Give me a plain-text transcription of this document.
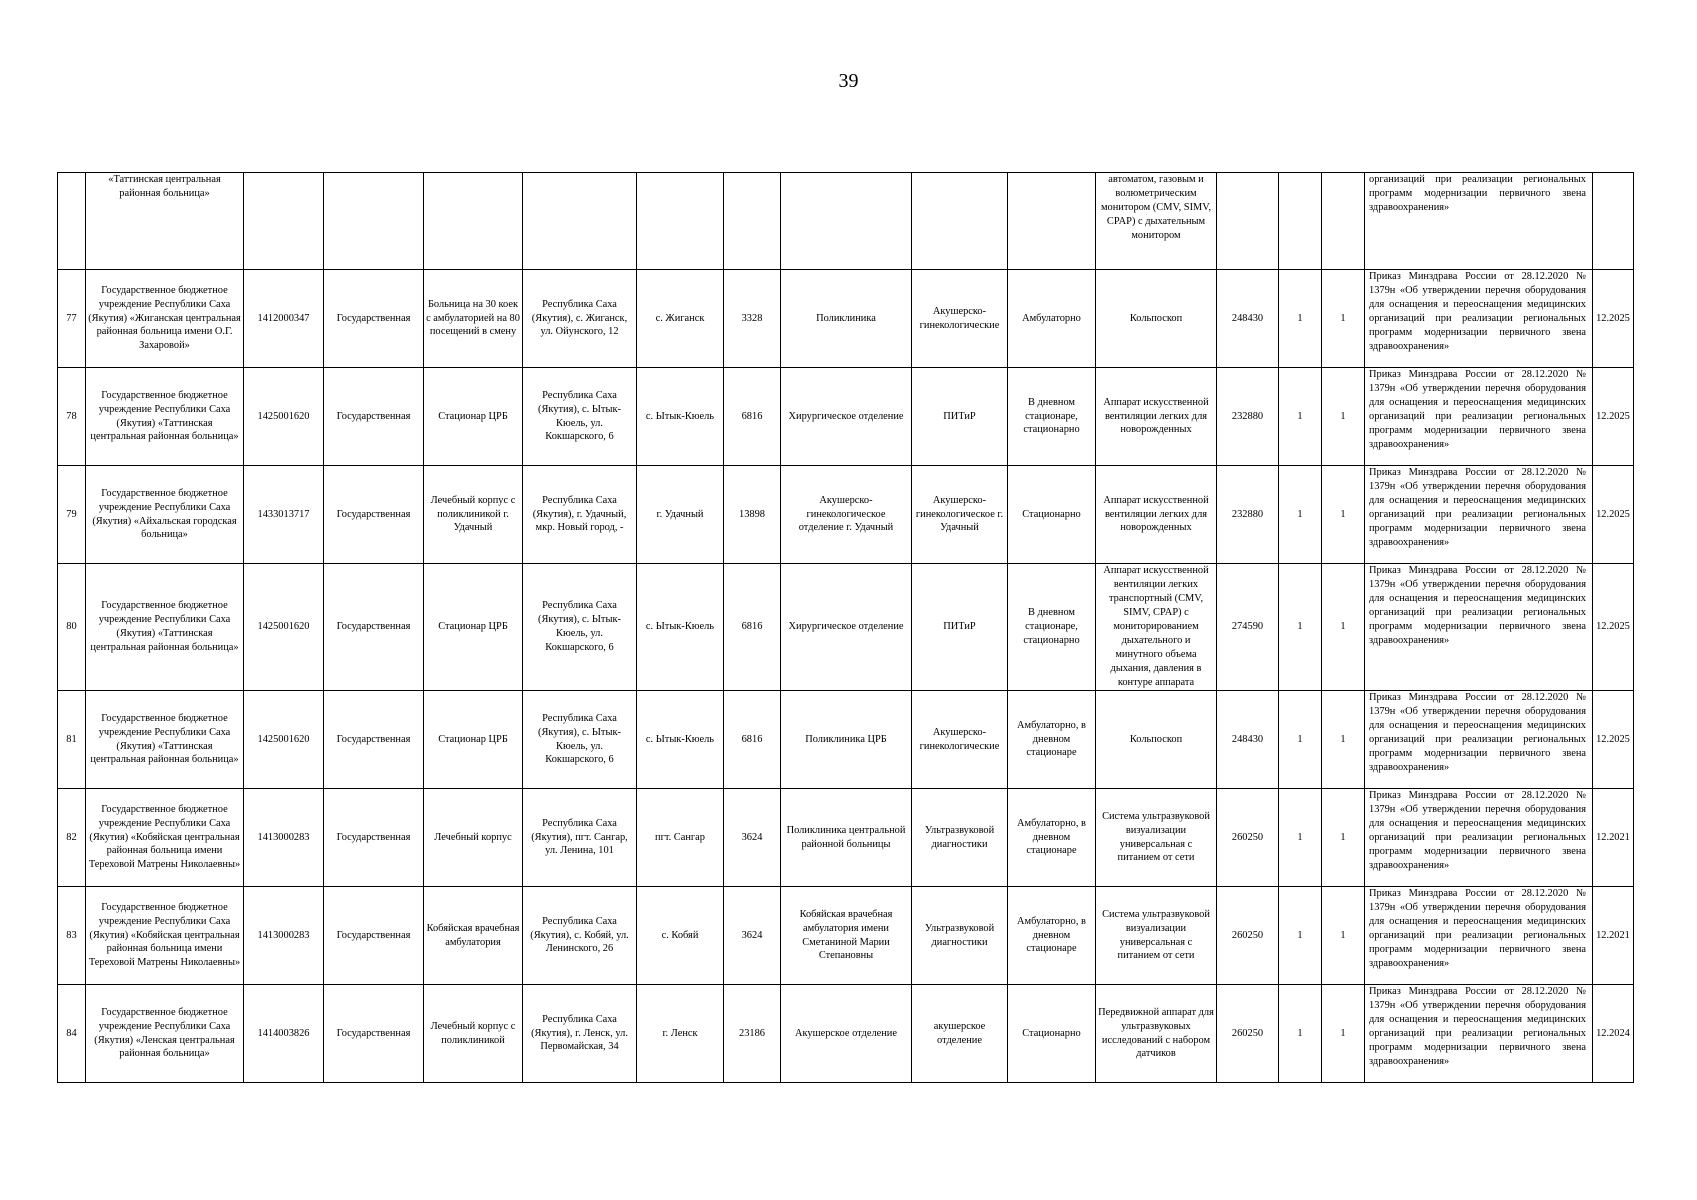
39
	«Таттинская центральная районная больница»										автоматом, газовым и волюметрическим монитором (CMV, SIMV, CPAP) с дыхательным монитором				организаций при реализации региональных программ модернизации первичного звена здравоохранения»	
77	Государственное бюджетное учреждение Республики Саха (Якутия) «Жиганская центральная районная больница имени О.Г. Захаровой»	1412000347	Государственная	Больница на 30 коек с амбулаторией на 80 посещений в смену	Республика Саха (Якутия), с. Жиганск, ул. Ойунского, 12	с. Жиганск	3328	Поликлиника	Акушерско-гинекологические	Амбулаторно	Кольпоскоп	248430	1	1	Приказ Минздрава России от 28.12.2020 № 1379н «Об утверждении перечня оборудования для оснащения и переоснащения медицинских организаций при реализации региональных программ модернизации первичного звена здравоохранения»	12.2025
78	Государственное бюджетное учреждение Республики Саха (Якутия) «Таттинская центральная районная больница»	1425001620	Государственная	Стационар ЦРБ	Республика Саха (Якутия), с. Ытык-Кюель, ул. Кокшарского, 6	с. Ытык-Кюель	6816	Хирургическое отделение	ПИТиР	В дневном стационаре, стационарно	Аппарат искусственной вентиляции легких для новорожденных	232880	1	1	Приказ Минздрава России от 28.12.2020 № 1379н «Об утверждении перечня оборудования для оснащения и переоснащения медицинских организаций при реализации региональных программ модернизации первичного звена здравоохранения»	12.2025
79	Государственное бюджетное учреждение Республики Саха (Якутия) «Айхальская городская больница»	1433013717	Государственная	Лечебный корпус с поликлиникой г. Удачный	Республика Саха (Якутия), г. Удачный, мкр. Новый город, -	г. Удачный	13898	Акушерско-гинекологическое отделение г. Удачный	Акушерско-гинекологическое г. Удачный	Стационарно	Аппарат искусственной вентиляции легких для новорожденных	232880	1	1	Приказ Минздрава России от 28.12.2020 № 1379н «Об утверждении перечня оборудования для оснащения и переоснащения медицинских организаций при реализации региональных программ модернизации первичного звена здравоохранения»	12.2025
80	Государственное бюджетное учреждение Республики Саха (Якутия) «Таттинская центральная районная больница»	1425001620	Государственная	Стационар ЦРБ	Республика Саха (Якутия), с. Ытык-Кюель, ул. Кокшарского, 6	с. Ытык-Кюель	6816	Хирургическое отделение	ПИТиР	В дневном стационаре, стационарно	Аппарат искусственной вентиляции легких транспортный (CMV, SIMV, CPAP) с мониторированием дыхательного и минутного объема дыхания, давления в контуре аппарата	274590	1	1	Приказ Минздрава России от 28.12.2020 № 1379н «Об утверждении перечня оборудования для оснащения и переоснащения медицинских организаций при реализации региональных программ модернизации первичного звена здравоохранения»	12.2025
81	Государственное бюджетное учреждение Республики Саха (Якутия) «Таттинская центральная районная больница»	1425001620	Государственная	Стационар ЦРБ	Республика Саха (Якутия), с. Ытык-Кюель, ул. Кокшарского, 6	с. Ытык-Кюель	6816	Поликлиника ЦРБ	Акушерско-гинекологические	Амбулаторно, в дневном стационаре	Кольпоскоп	248430	1	1	Приказ Минздрава России от 28.12.2020 № 1379н «Об утверждении перечня оборудования для оснащения и переоснащения медицинских организаций при реализации региональных программ модернизации первичного звена здравоохранения»	12.2025
82	Государственное бюджетное учреждение Республики Саха (Якутия) «Кобяйская центральная районная больница имени Тереховой Матрены Николаевны»	1413000283	Государственная	Лечебный корпус	Республика Саха (Якутия), пгт. Сангар, ул. Ленина, 101	пгт. Сангар	3624	Поликлиника центральной районной больницы	Ультразвуковой диагностики	Амбулаторно, в дневном стационаре	Система ультразвуковой визуализации универсальная с питанием от сети	260250	1	1	Приказ Минздрава России от 28.12.2020 № 1379н «Об утверждении перечня оборудования для оснащения и переоснащения медицинских организаций при реализации региональных программ модернизации первичного звена здравоохранения»	12.2021
83	Государственное бюджетное учреждение Республики Саха (Якутия) «Кобяйская центральная районная больница имени Тереховой Матрены Николаевны»	1413000283	Государственная	Кобяйская врачебная амбулатория	Республика Саха (Якутия), с. Кобяй, ул. Ленинского, 26	с. Кобяй	3624	Кобяйская врачебная амбулатория имени Сметаниной Марии Степановны	Ультразвуковой диагностики	Амбулаторно, в дневном стационаре	Система ультразвуковой визуализации универсальная с питанием от сети	260250	1	1	Приказ Минздрава России от 28.12.2020 № 1379н «Об утверждении перечня оборудования для оснащения и переоснащения медицинских организаций при реализации региональных программ модернизации первичного звена здравоохранения»	12.2021
84	Государственное бюджетное учреждение Республики Саха (Якутия) «Ленская центральная районная больница»	1414003826	Государственная	Лечебный корпус с поликлиникой	Республика Саха (Якутия), г. Ленск, ул. Первомайская, 34	г. Ленск	23186	Акушерское отделение	акушерское отделение	Стационарно	Передвижной аппарат для ультразвуковых исследований с набором датчиков	260250	1	1	Приказ Минздрава России от 28.12.2020 № 1379н «Об утверждении перечня оборудования для оснащения и переоснащения медицинских организаций при реализации региональных программ модернизации первичного звена здравоохранения»	12.2024
